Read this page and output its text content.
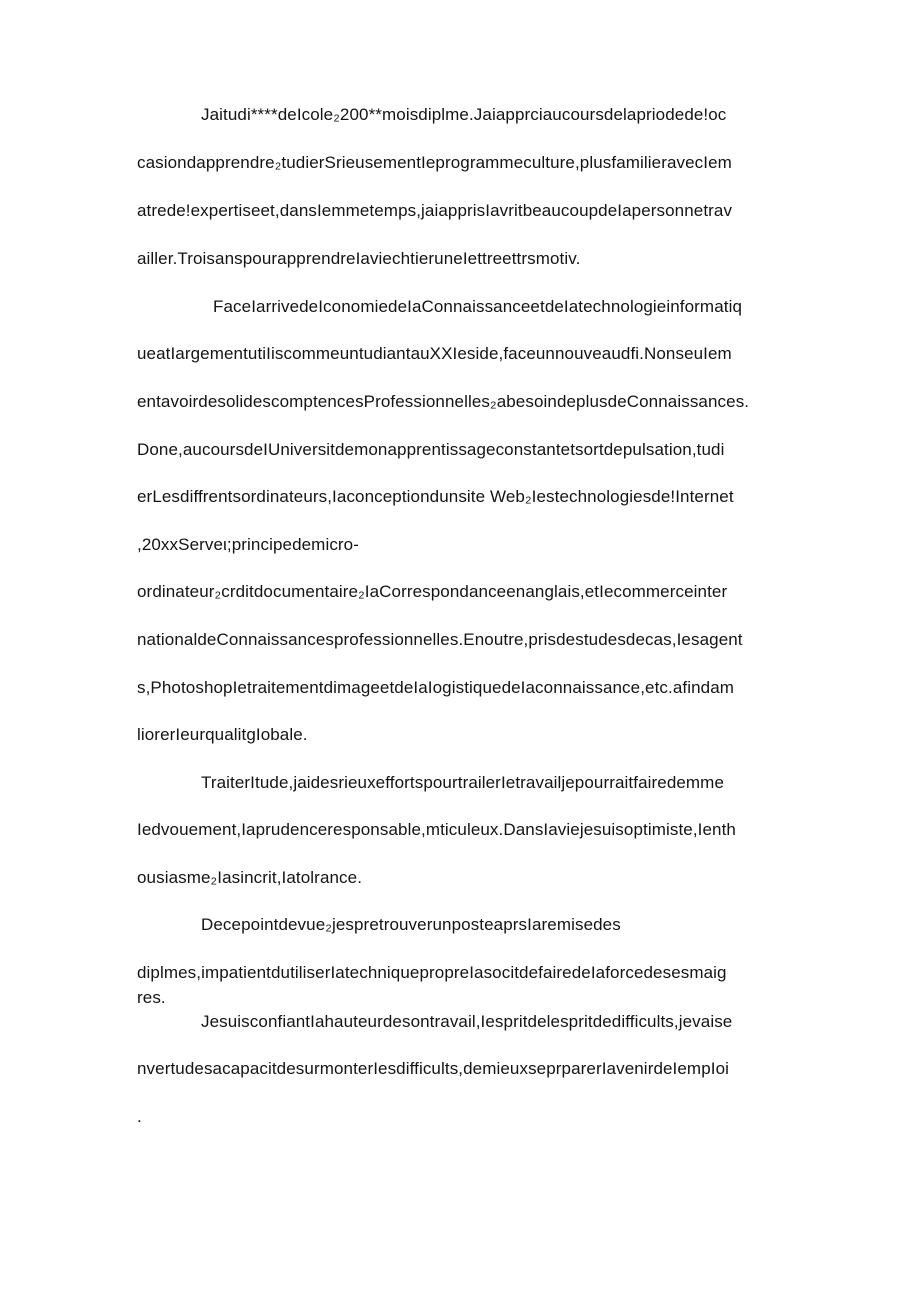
Jaitudi****deIcole₂200**moisdiplme.Jaiapprciaucoursdelapriodede!oc
casiondapprendre₂tudierSrieusementIeprogrammeculture,plusfamilieravecIem
atrede!expertiseet,dansIemmetemps,jaiapprisIavritbeaucoupdeIapersonnetrav
ailler.TroisanspourapprendreIaviechtieruneIettreettrsmotiv.
FaceIarrivedeIconomiedeIaConnaissanceetdeIatechnologieinformatiq
ueatIargementutiIiscommeuntudiantauXXIeside,faceunnouveaudfi.NonseuIem
entavoirdesolidescomptencesProfessionnelles₂abesoindeplusdeConnaissances.
Done,aucoursdeIUniversitdemonapprentissageconstantetsortdepulsation,tudi
erLesdiffrentsordinateurs,Iaconceptiondunsite Web₂Iestechnologiesde!Internet
,20xxServeι;principedemicro-
ordinateur₂crditdocumentaire₂IaCorrespondanceenanglais,etIecommerceinter
nationaldeConnaissancesprofessionnelles.Enoutre,prisdestudesdecas,Iesagent
s,PhotoshopIetraitementdimageetdeIaIogistiquedeIaconnaissance,etc.afindam
liorerIeurqualitgIobale.
TraiterItude,jaidesrieuxeffortspourtrailerIetravailjepourraitfairedemme
Iedvouement,Iaprudenceresponsable,mticuleux.DansIaviejesuisoptimiste,Ienth
ousiasme₂Iasincrit,Iatolrance.
Decepointdevue₂jespretrouverunposteaprsIaremisedes
diplmes,impatientdutiliserIatechniquepropreIasocitdefairedeIaforcedesesmaig
res.
JesuisconfiantIahauteurdesontravail,Iespritdelespritdedifficults,jevaise
nvertudesacapacitdesurmonterIesdifficults,demieuxseprparerIavenirdeIempIoi
.
